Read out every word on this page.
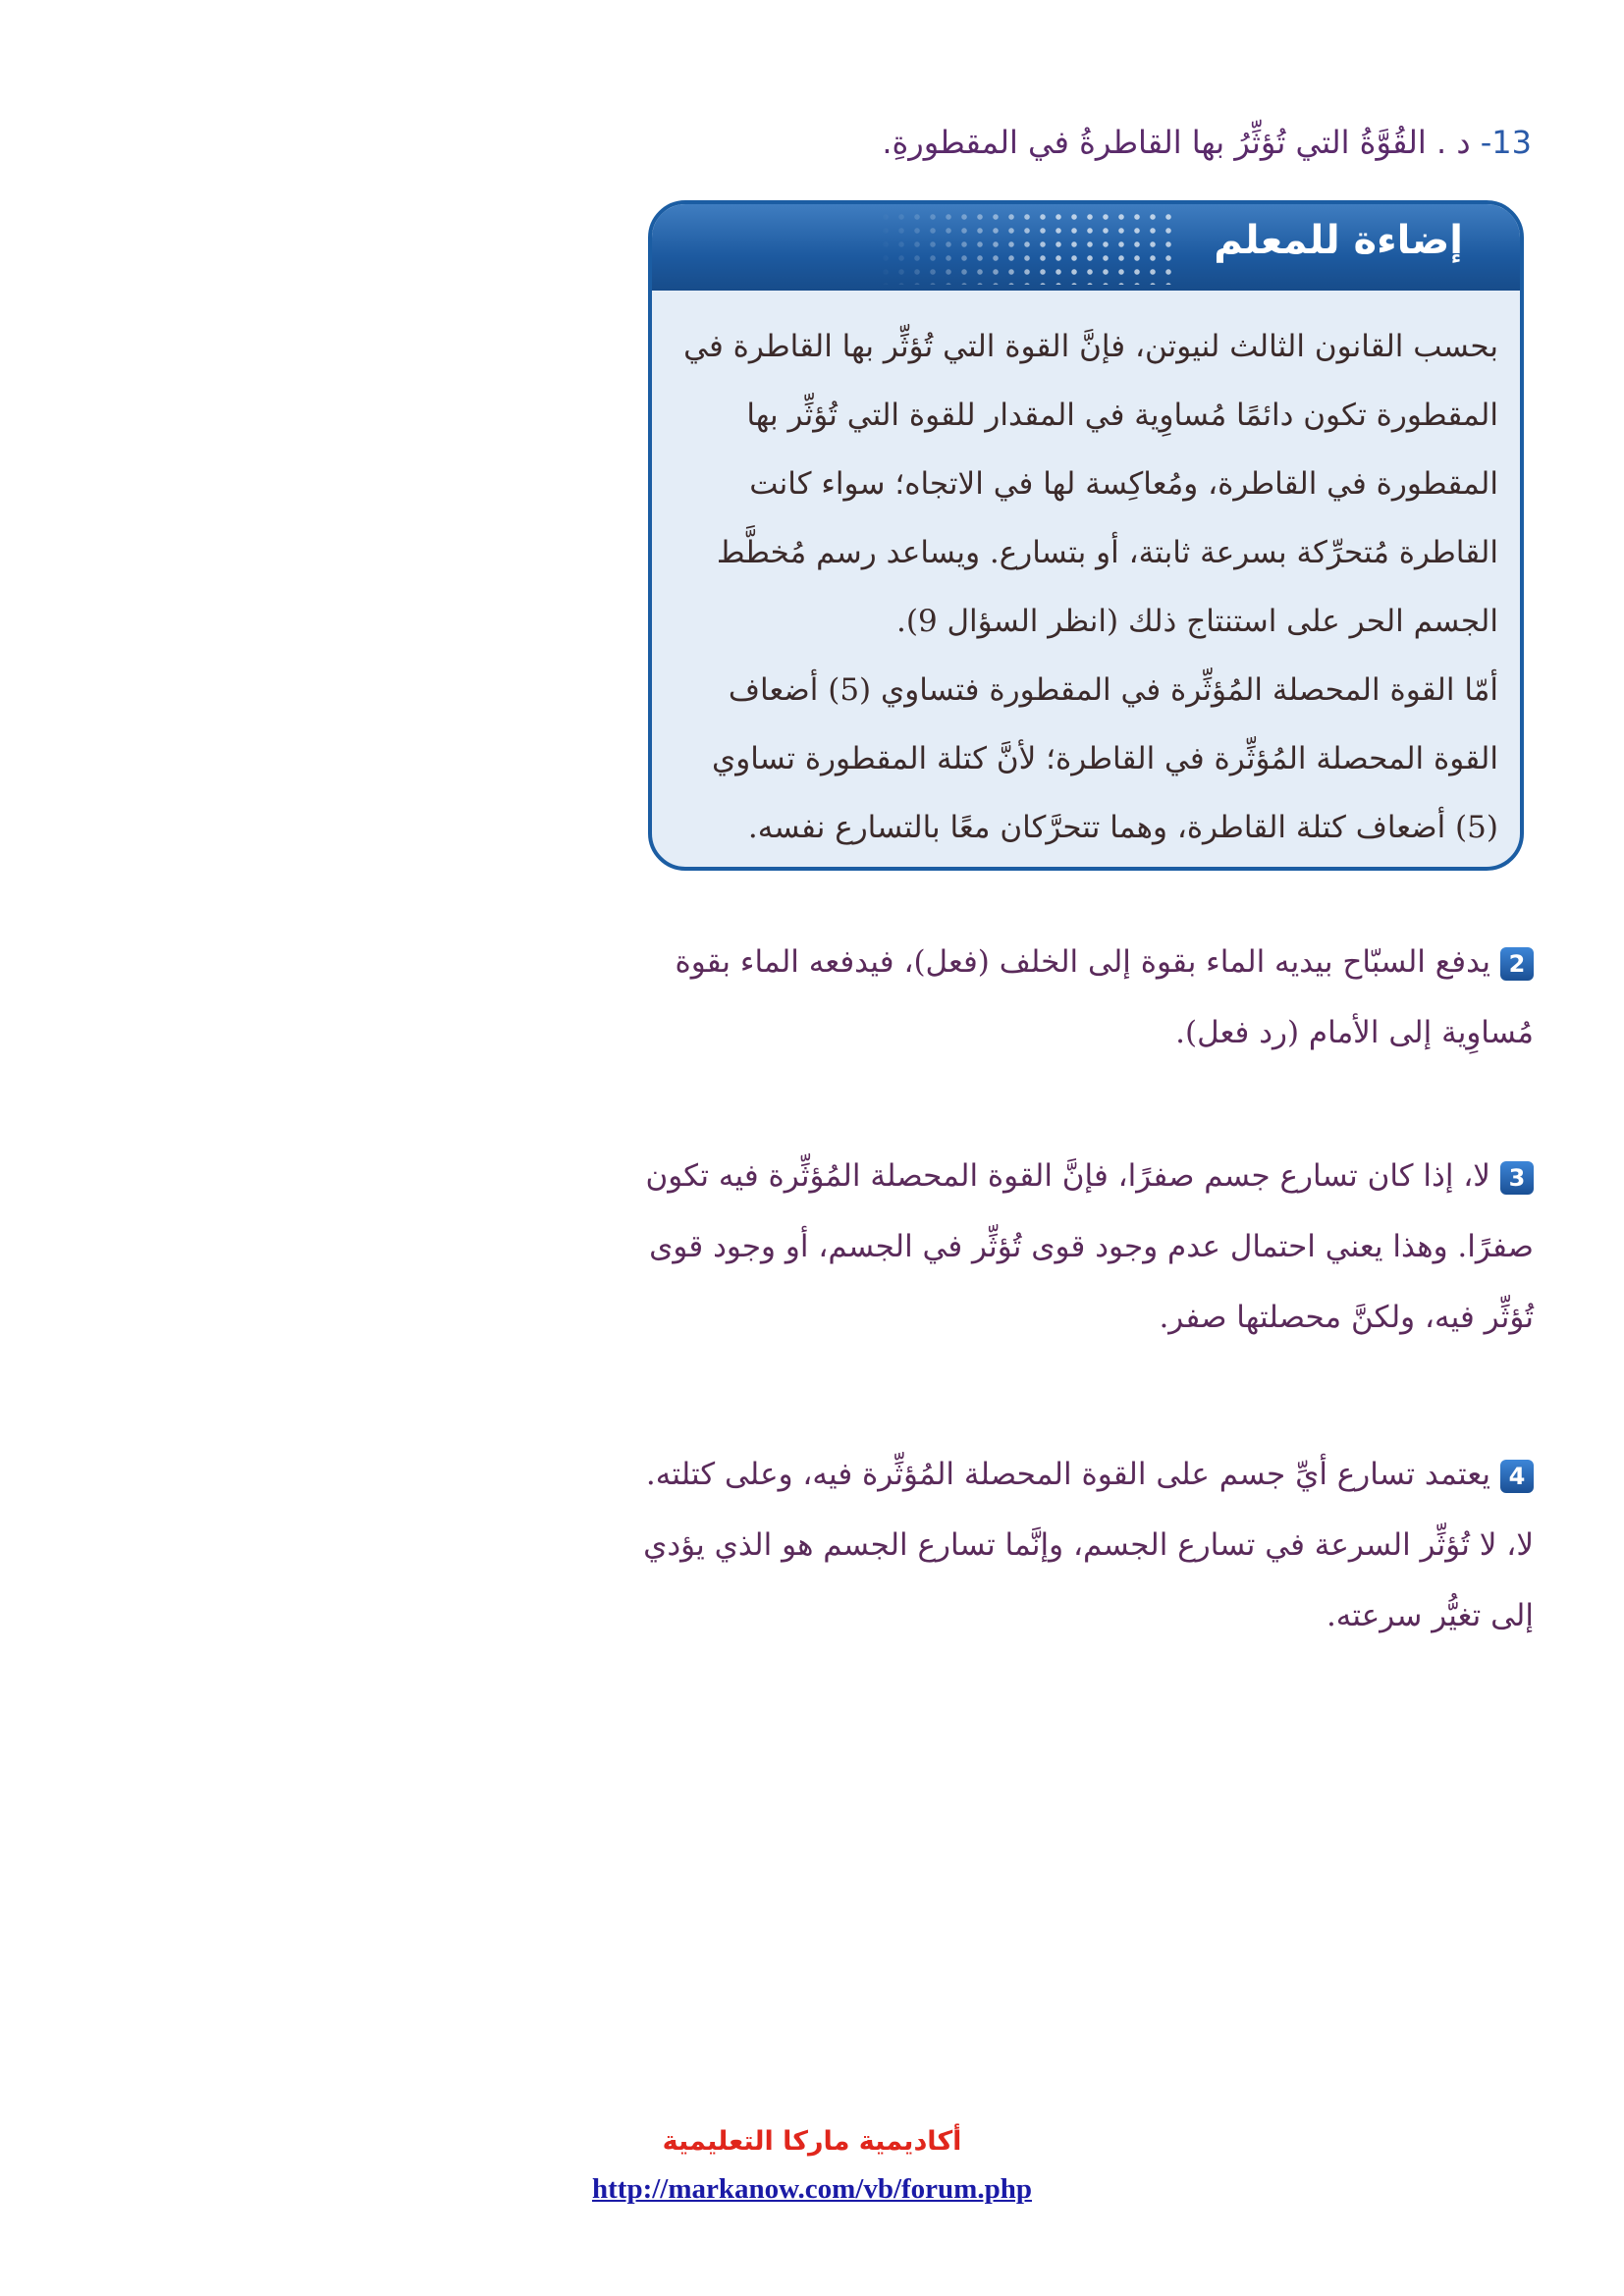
13- د . القُوَّةُ التي تُؤثِّرُ بها القاطرةُ في المقطورةِ.
إضاءة للمعلم

بحسب القانون الثالث لنيوتن، فإنَّ القوة التي تُؤثِّر بها القاطرة في المقطورة تكون دائمًا مُساوِية في المقدار للقوة التي تُؤثِّر بها المقطورة في القاطرة، ومُعاكِسة لها في الاتجاه؛ سواء كانت القاطرة مُتحرِّكة بسرعة ثابتة، أو بتسارع. ويساعد رسم مُخطَّط الجسم الحر على استنتاج ذلك (انظر السؤال 9).

أمّا القوة المحصلة المُؤثِّرة في المقطورة فتساوي (5) أضعاف القوة المحصلة المُؤثِّرة في القاطرة؛ لأنَّ كتلة المقطورة تساوي (5) أضعاف كتلة القاطرة، وهما تتحرَّكان معًا بالتسارع نفسه.

2يدفع السبّاح بيديه الماء بقوة إلى الخلف (فعل)، فيدفعه الماء بقوة مُساوِية إلى الأمام (رد فعل).

3لا، إذا كان تسارع جسم صفرًا، فإنَّ القوة المحصلة المُؤثِّرة فيه تكون صفرًا. وهذا يعني احتمال عدم وجود قوى تُؤثِّر في الجسم، أو وجود قوى تُؤثِّر فيه، ولكنَّ محصلتها صفر.

4يعتمد تسارع أيِّ جسم على القوة المحصلة المُؤثِّرة فيه، وعلى كتلته.

لا، لا تُؤثِّر السرعة في تسارع الجسم، وإنَّما تسارع الجسم هو الذي يؤدي إلى تغيُّر سرعته.

أكاديمية ماركا التعليمية
http://markanow.com/vb/forum.php
